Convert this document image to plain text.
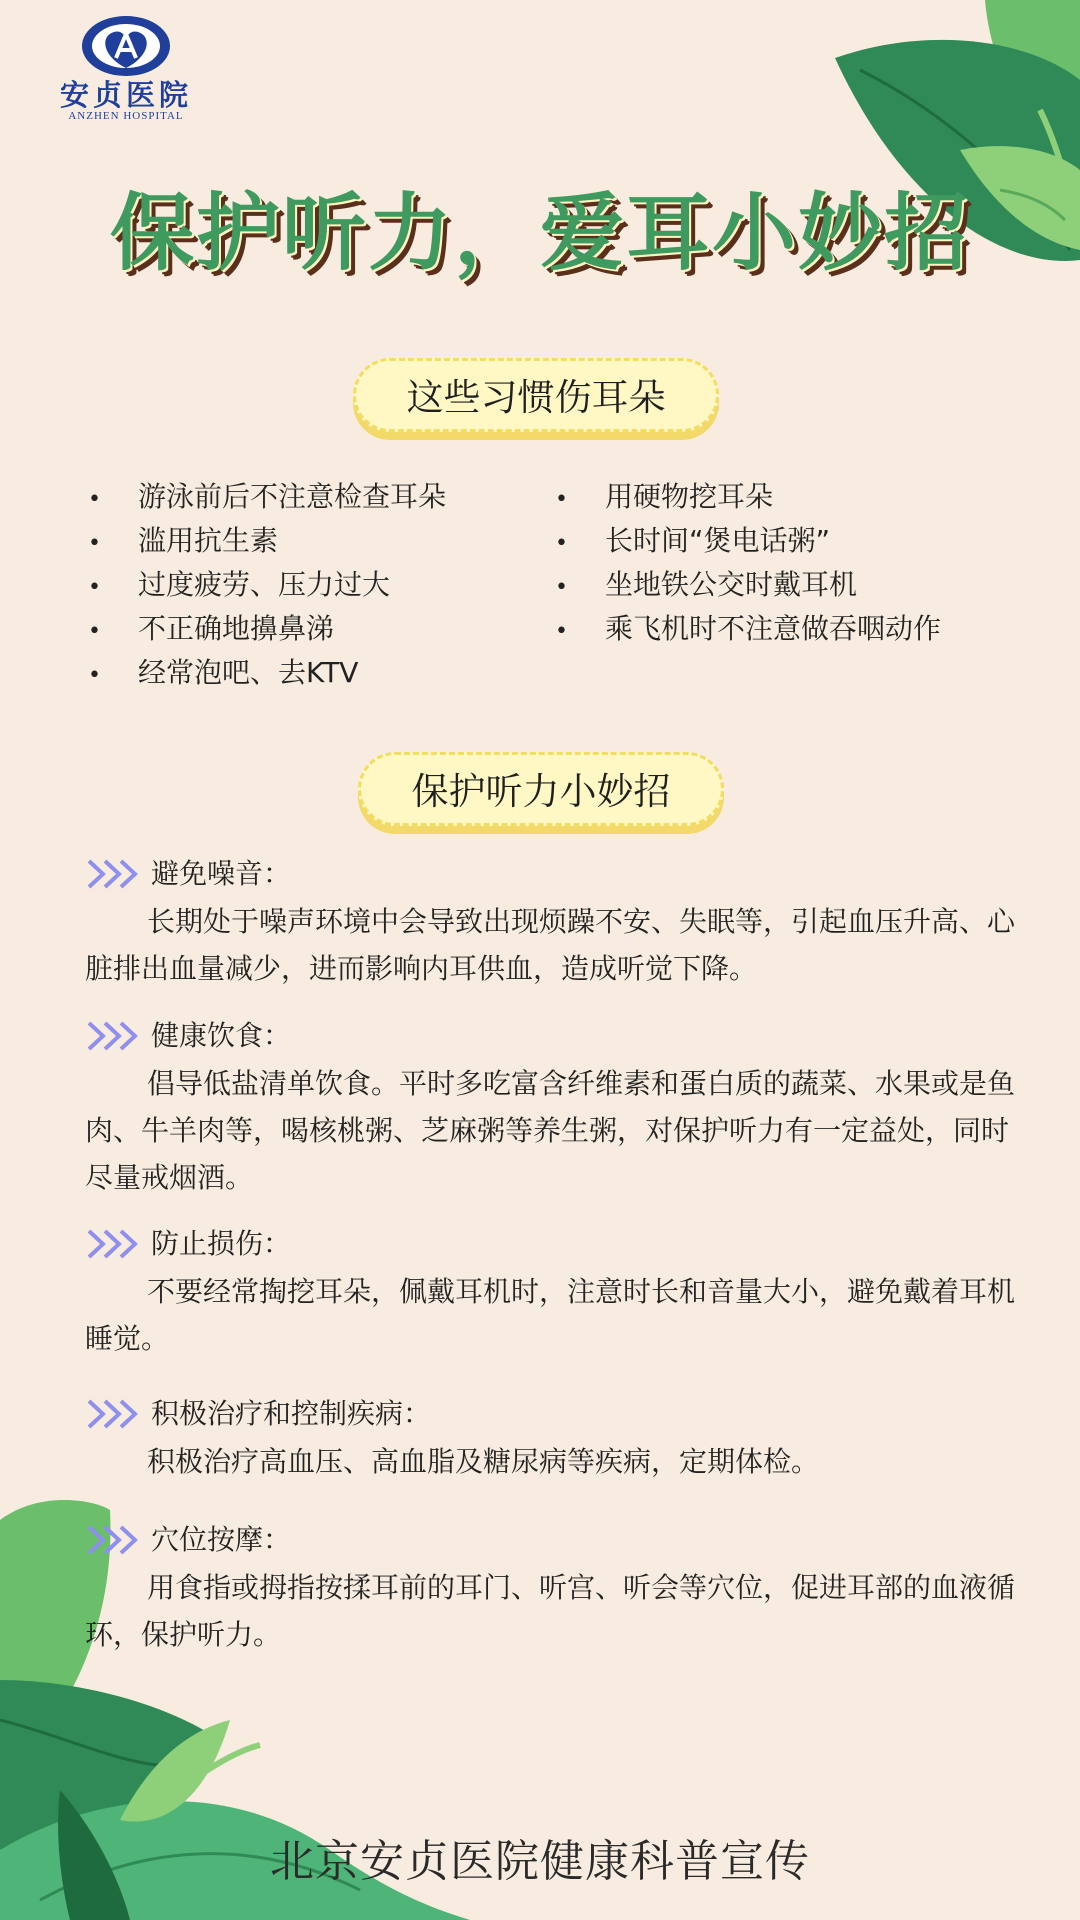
安贞医院
ANZHEN HOSPITAL
保护听力，爱耳小妙招
这些习惯伤耳朵
• 游泳前后不注意检查耳朵
• 滥用抗生素
• 过度疲劳、压力过大
• 不正确地擤鼻涕
• 经常泡吧、去KTV
• 用硬物挖耳朵
• 长时间“煲电话粥”
• 坐地铁公交时戴耳机
• 乘飞机时不注意做吞咽动作
保护听力小妙招
避免噪音：

长期处于噪声环境中会导致出现烦躁不安、失眠等，引起血压升高、心脏排出血量减少，进而影响内耳供血，造成听觉下降。

健康饮食：

倡导低盐清单饮食。平时多吃富含纤维素和蛋白质的蔬菜、水果或是鱼肉、牛羊肉等，喝核桃粥、芝麻粥等养生粥，对保护听力有一定益处，同时尽量戒烟酒。

防止损伤：

不要经常掏挖耳朵，佩戴耳机时，注意时长和音量大小，避免戴着耳机睡觉。

积极治疗和控制疾病：

积极治疗高血压、高血脂及糖尿病等疾病，定期体检。

穴位按摩：

用食指或拇指按揉耳前的耳门、听宫、听会等穴位，促进耳部的血液循环，保护听力。

北京安贞医院健康科普宣传
